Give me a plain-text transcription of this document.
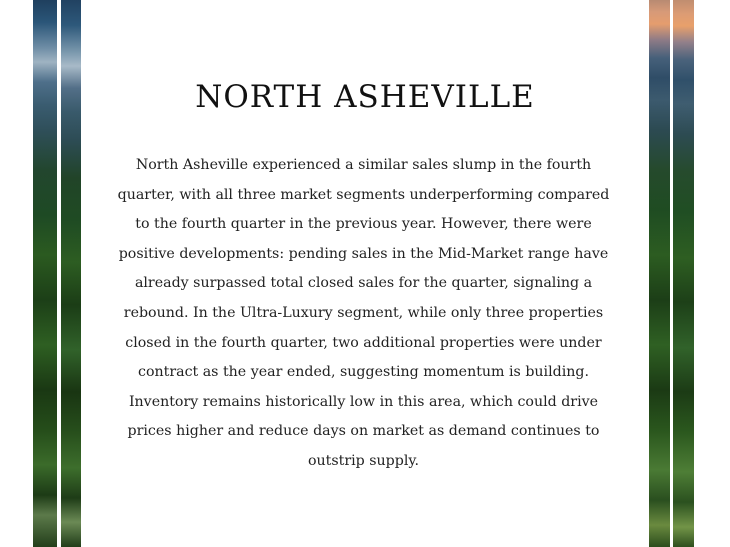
NORTH ASHEVILLE

North Asheville experienced a similar sales slump in the fourth quarter, with all three market segments underperforming compared to the fourth quarter in the previous year. However, there were positive developments: pending sales in the Mid-Market range have already surpassed total closed sales for the quarter, signaling a rebound. In the Ultra-Luxury segment, while only three properties closed in the fourth quarter, two additional properties were under contract as the year ended, suggesting momentum is building. Inventory remains historically low in this area, which could drive prices higher and reduce days on market as demand continues to outstrip supply.
